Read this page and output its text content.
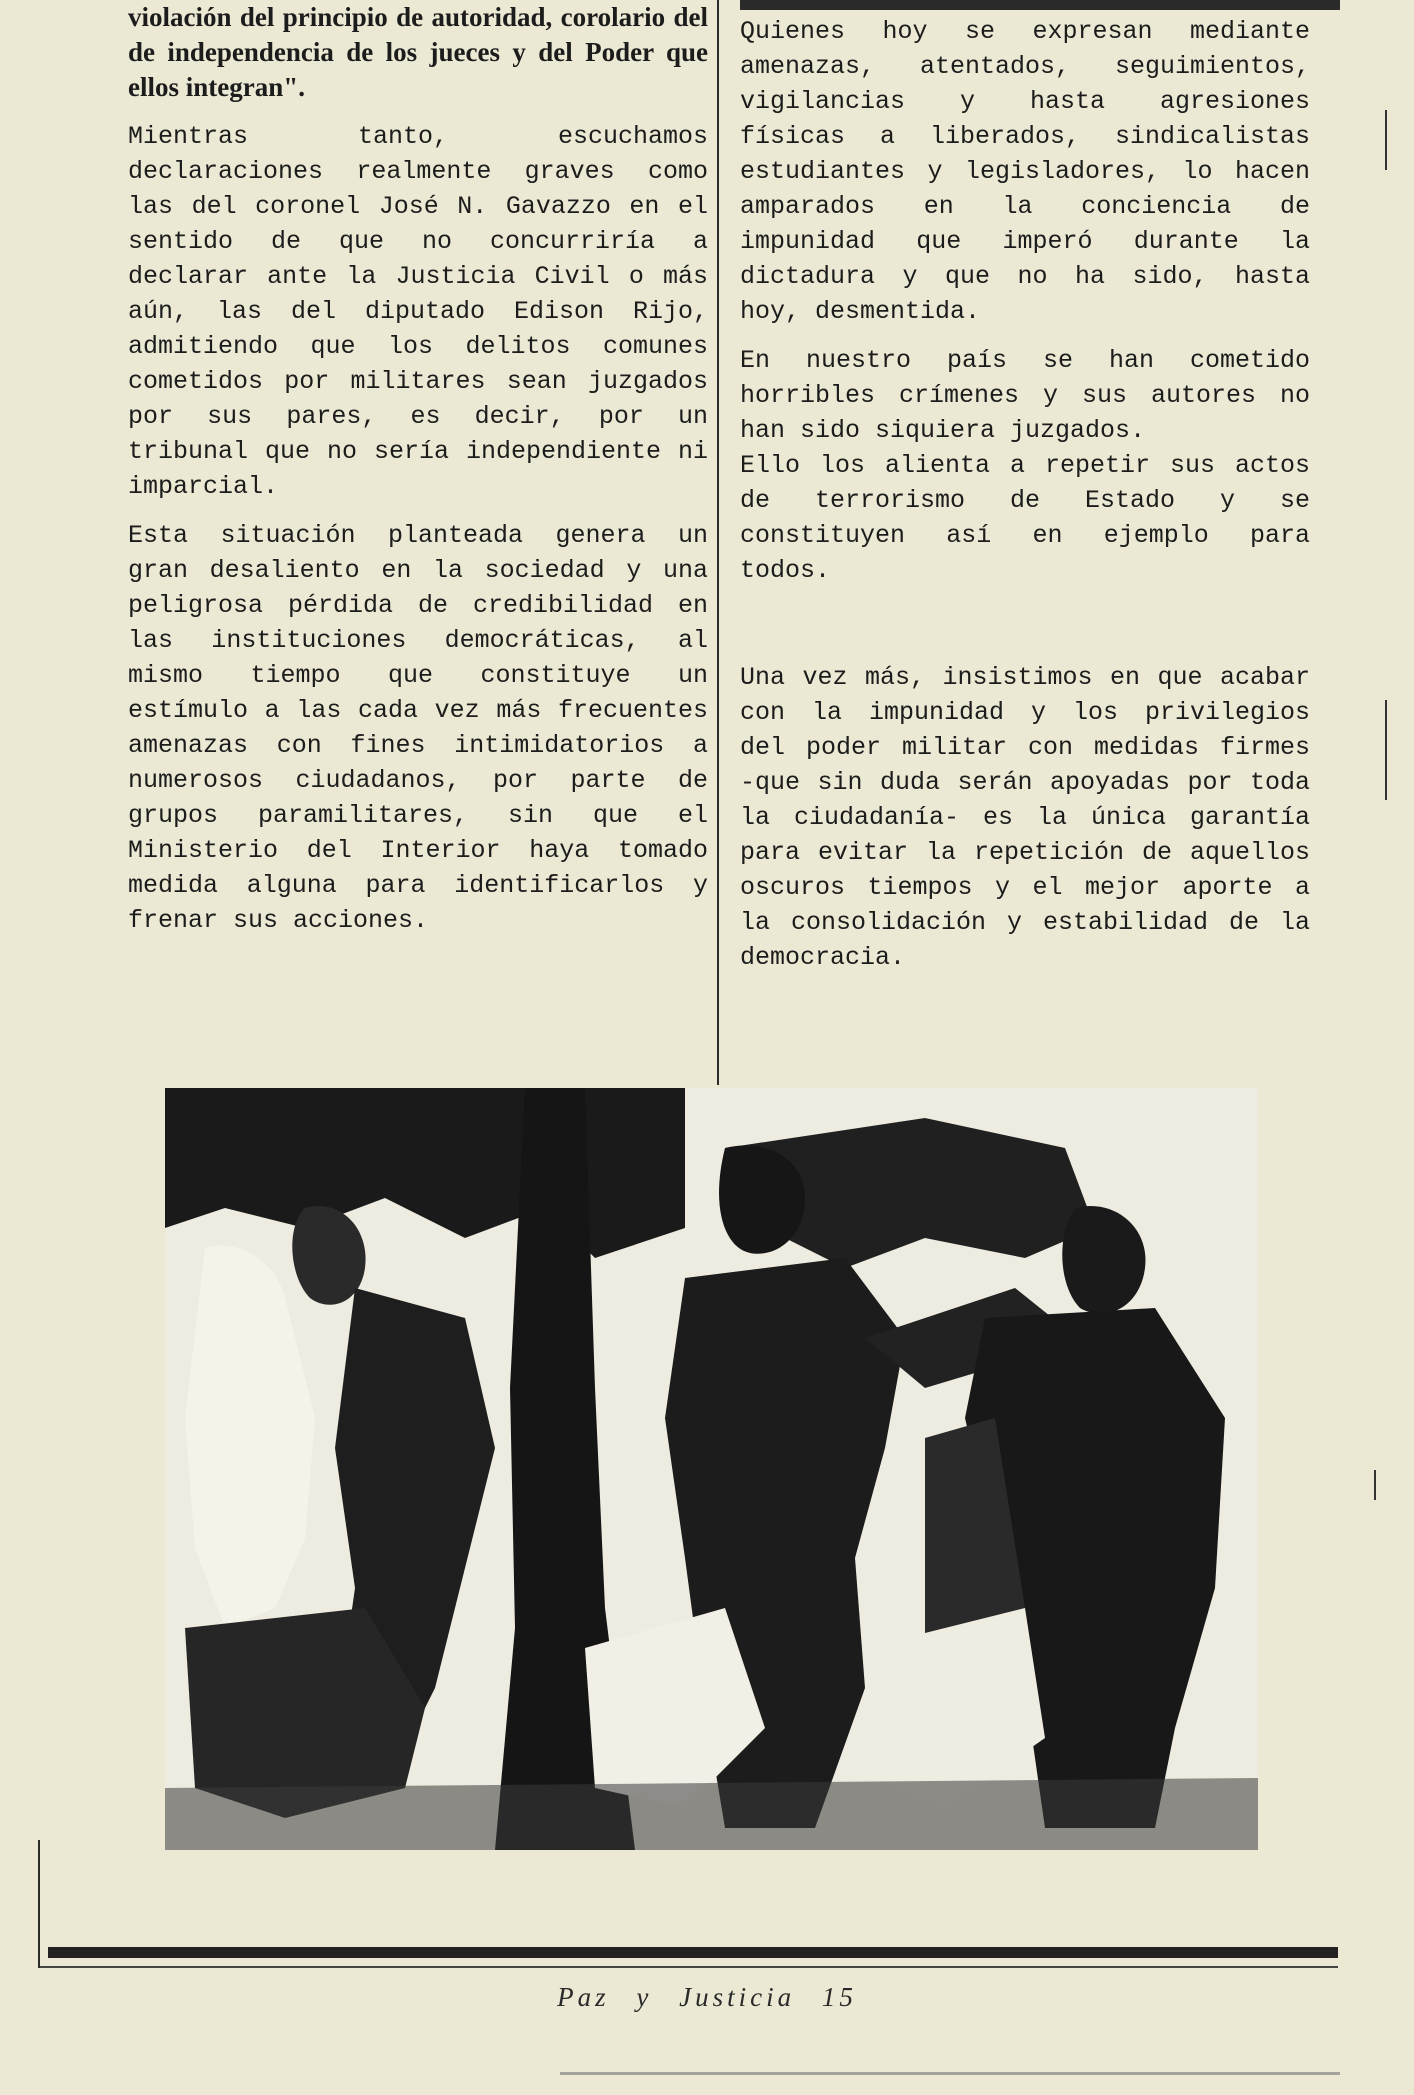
violación del principio de autoridad, corolario del de independencia de los jueces y del Poder que ellos integran".

Mientras tanto, escuchamos declaraciones realmente graves como las del coronel José N. Gavazzo en el sentido de que no concurriría a declarar ante la Justicia Civil o más aún, las del diputado Edison Rijo, admitiendo que los delitos comunes cometidos por militares sean juzgados por sus pares, es decir, por un tribunal que no sería independiente ni imparcial.

Esta situación planteada genera un gran desaliento en la sociedad y una peligrosa pérdida de credibilidad en las instituciones democráticas, al mismo tiempo que constituye un estímulo a las cada vez más frecuentes amenazas con fines intimidatorios a numerosos ciudadanos, por parte de grupos paramilitares, sin que el Ministerio del Interior haya tomado medida alguna para identificarlos y frenar sus acciones.

Quienes hoy se expresan mediante amenazas, atentados, seguimientos, vigilancias y hasta agresiones físicas a liberados, sindicalistas estudiantes y legisladores, lo hacen amparados en la conciencia de impunidad que imperó durante la dictadura y que no ha sido, hasta hoy, desmentida.

En nuestro país se han cometido horribles crímenes y sus autores no han sido siquiera juzgados.

Ello los alienta a repetir sus actos de terrorismo de Estado y se constituyen así en ejemplo para todos.

Una vez más, insistimos en que acabar con la impunidad y los privilegios del poder militar con medidas firmes -que sin duda serán apoyadas por toda la ciudadanía- es la única garantía para evitar la repetición de aquellos oscuros tiempos y el mejor aporte a la consolidación y estabilidad de la democracia.

Paz y Justicia 15
